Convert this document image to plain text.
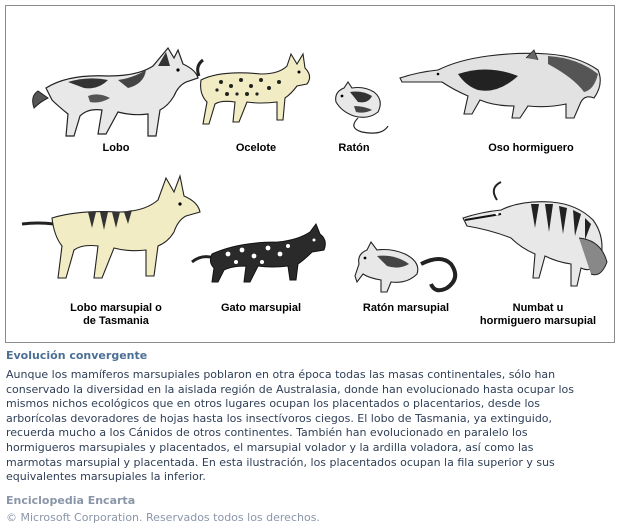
Lobo	Ocelote	Ratón	Oso hormiguero
Lobo marsupial o
de Tasmania
Gato marsupial	Ratón marsupial	Numbat u
hormiguero marsupial
Evolución convergente
Aunque los mamíferos marsupiales poblaron en otra época todas las masas continentales, sólo han
conservado la diversidad en la aislada región de Australasia, donde han evolucionado hasta ocupar los
mismos nichos ecológicos que en otros lugares ocupan los placentados o placentarios, desde los
arborícolas devoradores de hojas hasta los insectívoros ciegos. El lobo de Tasmania, ya extinguido,
recuerda mucho a los Cánidos de otros continentes. También han evolucionado en paralelo los
hormigueros marsupiales y placentados, el marsupial volador y la ardilla voladora, así como las
marmotas marsupial y placentada. En esta ilustración, los placentados ocupan la fila superior y sus
equivalentes marsupiales la inferior.
Enciclopedia Encarta
© Microsoft Corporation. Reservados todos los derechos.
